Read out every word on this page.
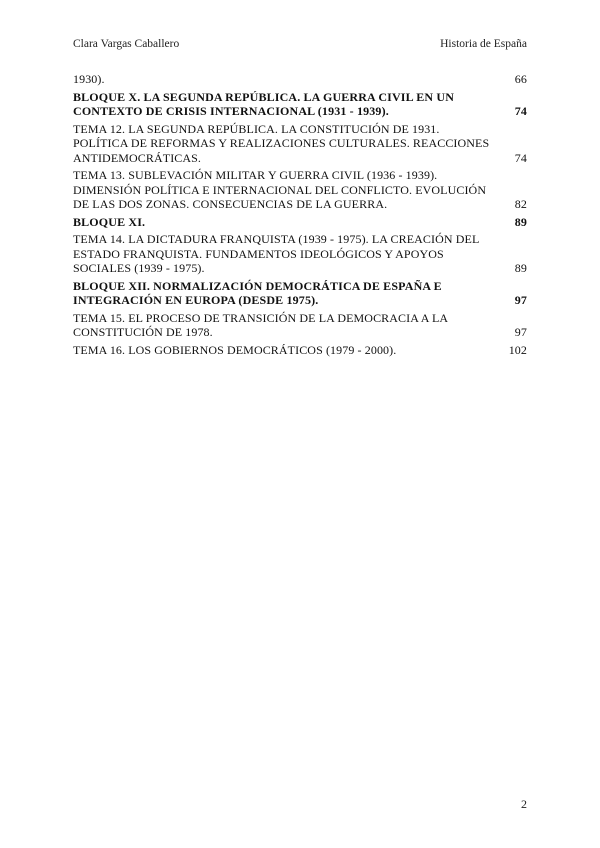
Clara Vargas Caballero	Historia de España
1930).	66
BLOQUE X. LA SEGUNDA REPÚBLICA. LA GUERRA CIVIL EN UN
CONTEXTO DE CRISIS INTERNACIONAL (1931 - 1939).	74
TEMA 12. LA SEGUNDA REPÚBLICA. LA CONSTITUCIÓN DE 1931.
POLÍTICA DE REFORMAS Y REALIZACIONES CULTURALES. REACCIONES
ANTIDEMOCRÁTICAS.	74
TEMA 13. SUBLEVACIÓN MILITAR Y GUERRA CIVIL (1936 - 1939).
DIMENSIÓN POLÍTICA E INTERNACIONAL DEL CONFLICTO. EVOLUCIÓN
DE LAS DOS ZONAS. CONSECUENCIAS DE LA GUERRA.	82
BLOQUE XI.	89
TEMA 14. LA DICTADURA FRANQUISTA (1939 - 1975). LA CREACIÓN DEL
ESTADO FRANQUISTA. FUNDAMENTOS IDEOLÓGICOS Y APOYOS
SOCIALES (1939 - 1975).	89
BLOQUE XII. NORMALIZACIÓN DEMOCRÁTICA DE ESPAÑA E
INTEGRACIÓN EN EUROPA (DESDE 1975).	97
TEMA 15. EL PROCESO DE TRANSICIÓN DE LA DEMOCRACIA A LA
CONSTITUCIÓN DE 1978.	97
TEMA 16. LOS GOBIERNOS DEMOCRÁTICOS (1979 - 2000).	102
2
